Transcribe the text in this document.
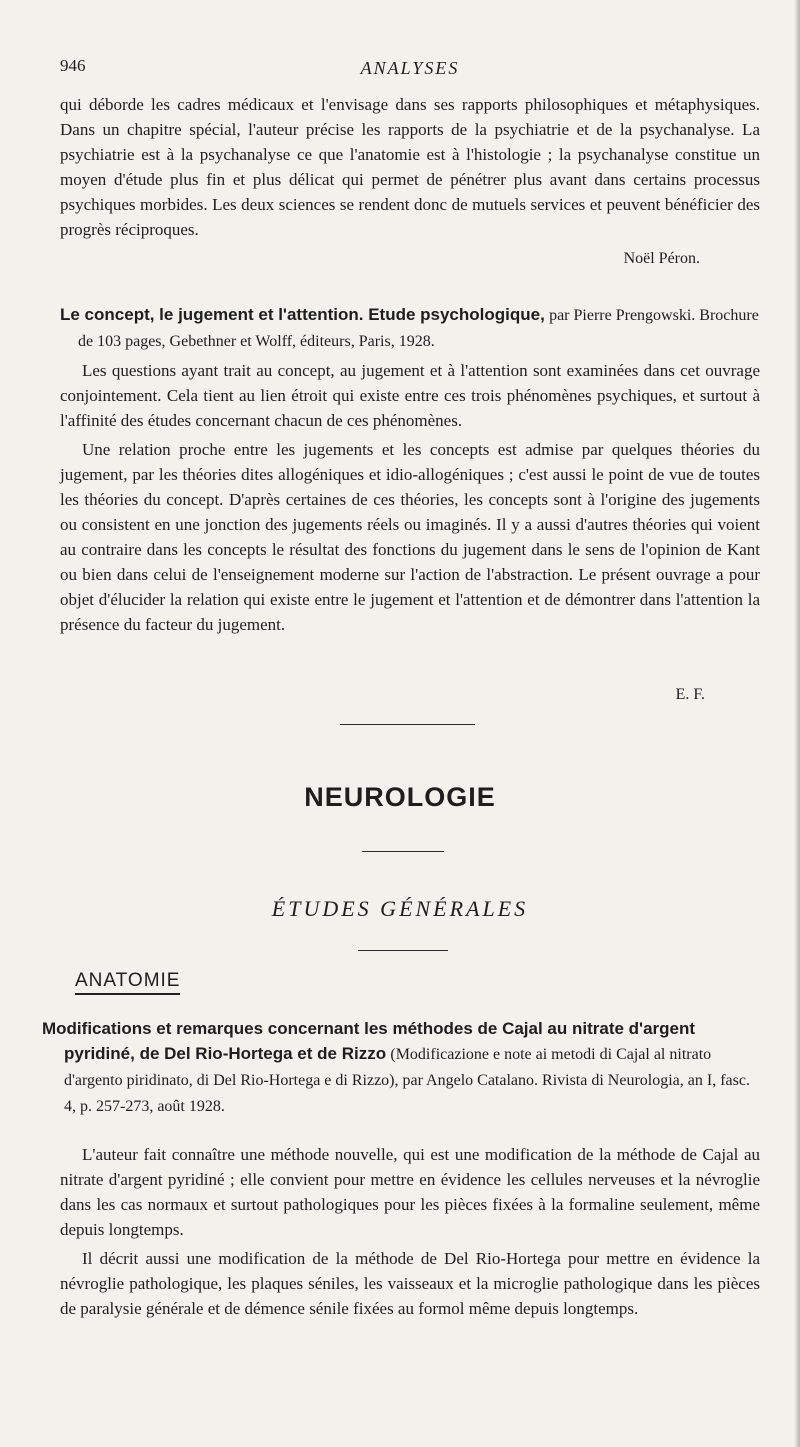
946	ANALYSES

qui déborde les cadres médicaux et l'envisage dans ses rapports philosophiques et métaphysiques. Dans un chapitre spécial, l'auteur précise les rapports de la psychiatrie et de la psychanalyse. La psychiatrie est à la psychanalyse ce que l'anatomie est à l'histologie ; la psychanalyse constitue un moyen d'étude plus fin et plus délicat qui permet de pénétrer plus avant dans certains processus psychiques morbides. Les deux sciences se rendent donc de mutuels services et peuvent bénéficier des progrès réciproques.

Noël Péron.
Le concept, le jugement et l'attention. Etude psychologique, par Pierre Prengowski. Brochure de 103 pages, Gebethner et Wolff, éditeurs, Paris, 1928.

Les questions ayant trait au concept, au jugement et à l'attention sont examinées dans cet ouvrage conjointement. Cela tient au lien étroit qui existe entre ces trois phénomènes psychiques, et surtout à l'affinité des études concernant chacun de ces phénomènes.

Une relation proche entre les jugements et les concepts est admise par quelques théories du jugement, par les théories dites allogéniques et idio-allogéniques ; c'est aussi le point de vue de toutes les théories du concept. D'après certaines de ces théories, les concepts sont à l'origine des jugements ou consistent en une jonction des jugements réels ou imaginés. Il y a aussi d'autres théories qui voient au contraire dans les concepts le résultat des fonctions du jugement dans le sens de l'opinion de Kant ou bien dans celui de l'enseignement moderne sur l'action de l'abstraction. Le présent ouvrage a pour objet d'élucider la relation qui existe entre le jugement et l'attention et de démontrer dans l'attention la présence du facteur du jugement.

E. F.
NEUROLOGIE
ÉTUDES GÉNÉRALES
ANATOMIE
Modifications et remarques concernant les méthodes de Cajal au nitrate d'argent pyridiné, de Del Rio-Hortega et de Rizzo (Modificazione e note ai metodi di Cajal al nitrato d'argento piridinato, di Del Rio-Hortega e di Rizzo), par Angelo Catalano. Rivista di Neurologia, an I, fasc. 4, p. 257-273, août 1928.

L'auteur fait connaître une méthode nouvelle, qui est une modification de la méthode de Cajal au nitrate d'argent pyridiné ; elle convient pour mettre en évidence les cellules nerveuses et la névroglie dans les cas normaux et surtout pathologiques pour les pièces fixées à la formaline seulement, même depuis longtemps.

Il décrit aussi une modification de la méthode de Del Rio-Hortega pour mettre en évidence la névroglie pathologique, les plaques séniles, les vaisseaux et la microglie pathologique dans les pièces de paralysie générale et de démence sénile fixées au formol même depuis longtemps.
